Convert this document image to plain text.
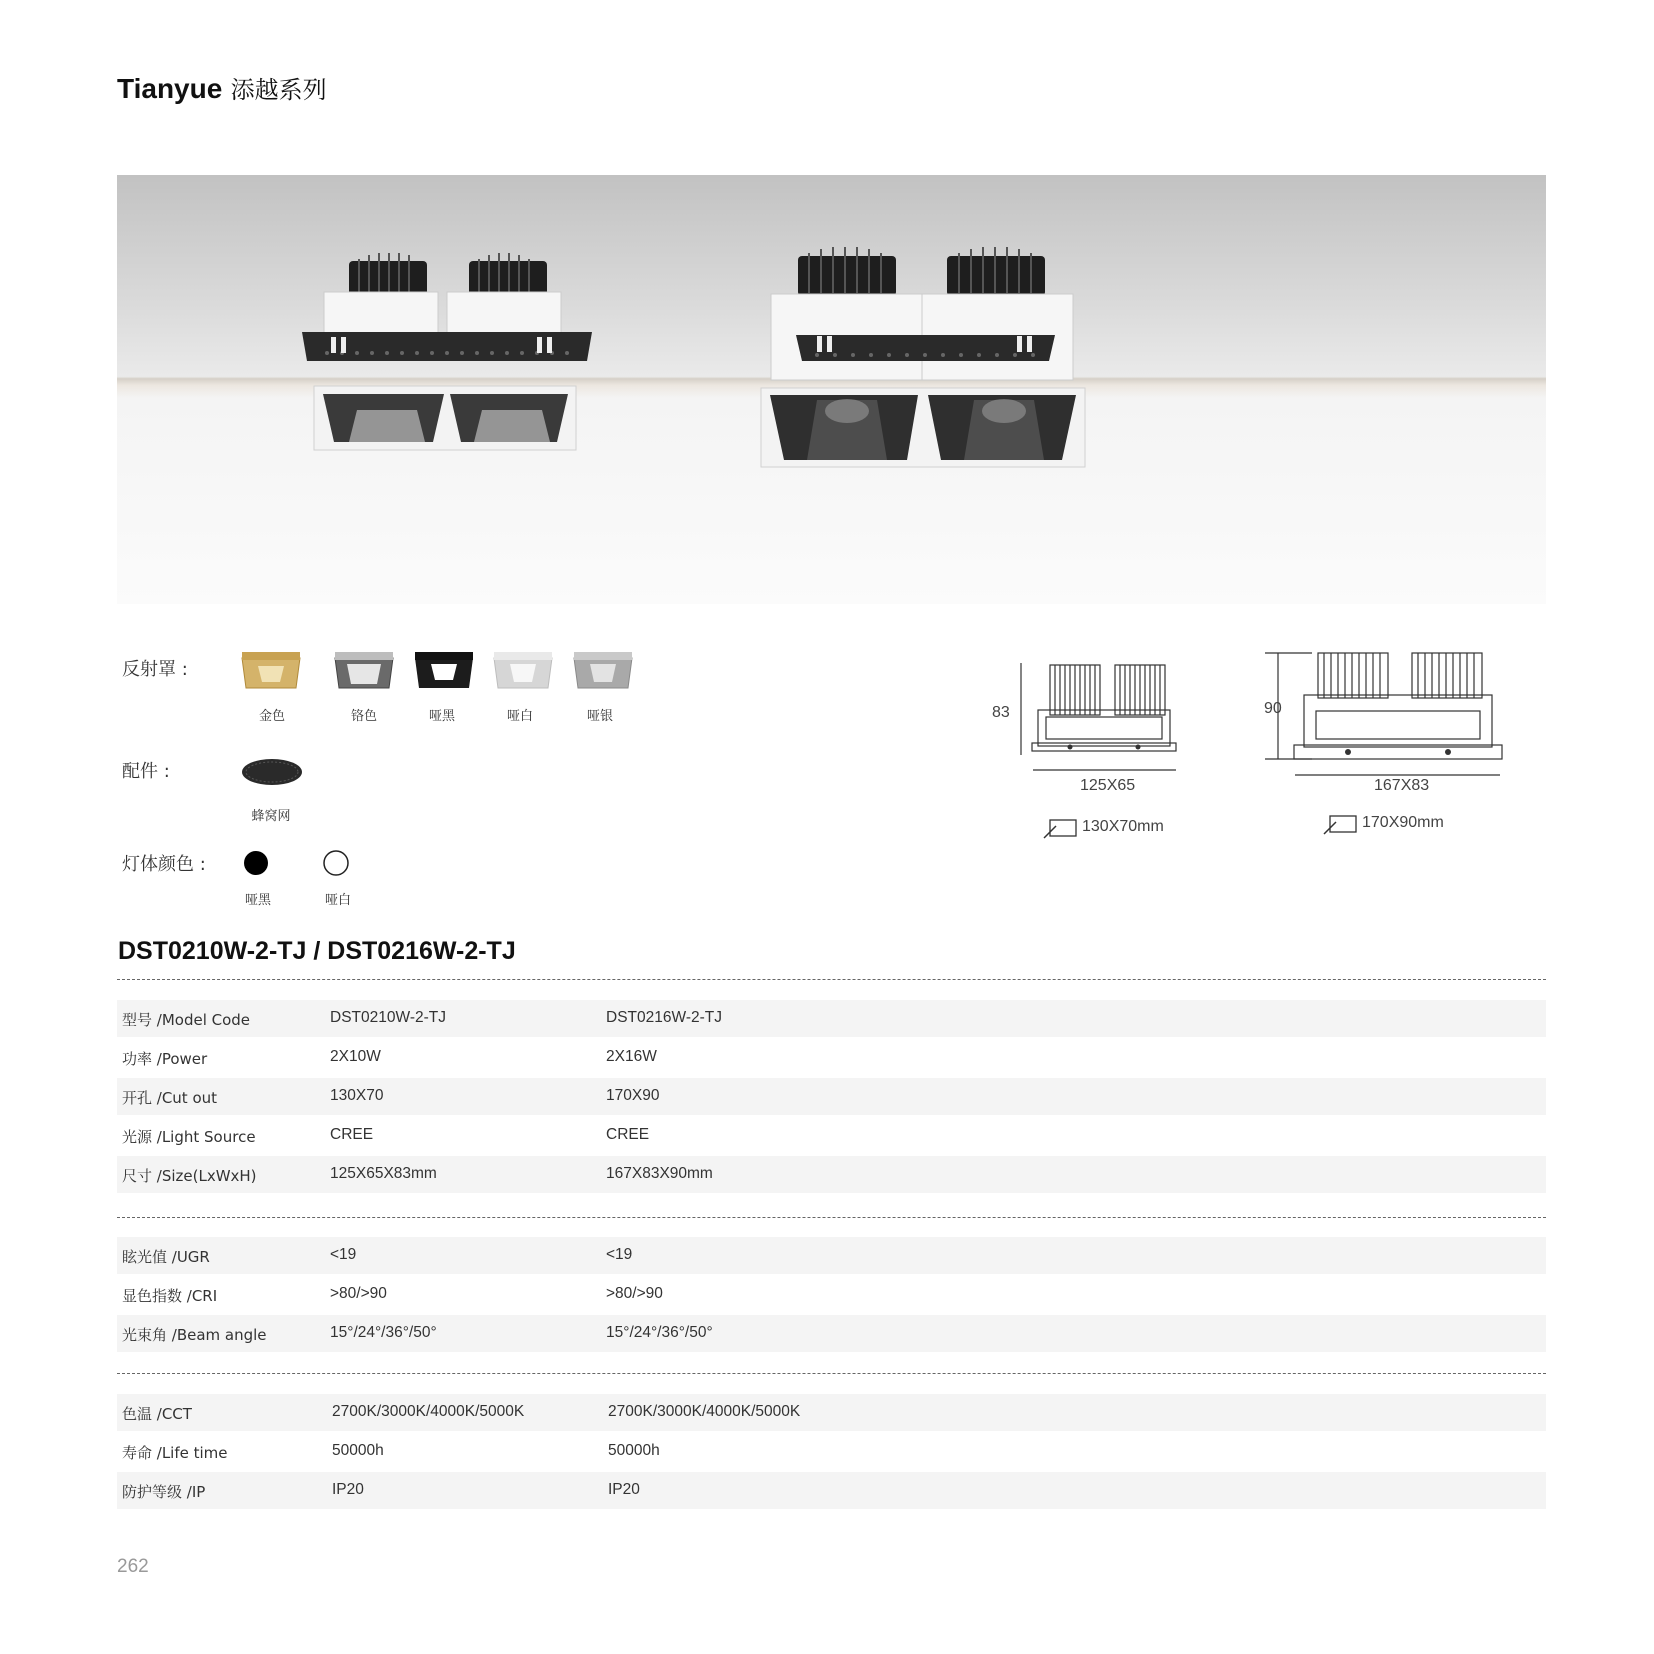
Tianyue 添越系列
反射罩 :
金色	铬色	哑黑	哑白	哑银
配件 :
蜂窝网
灯体颜色 :
哑黑	哑白
83
125X65
130X70mm
90
167X83
170X90mm
DST0210W-2-TJ / DST0216W-2-TJ
型号 /Model Code	DST0210W-2-TJ	DST0216W-2-TJ
功率 /Power	2X10W	2X16W
开孔 /Cut out	130X70	170X90
光源 /Light Source	CREE	CREE
尺寸 /Size(LxWxH)	125X65X83mm	167X83X90mm
眩光值 /UGR	<19	<19
显色指数 /CRI	>80/>90	>80/>90
光束角 /Beam angle	15°/24°/36°/50°	15°/24°/36°/50°
色温 /CCT	2700K/3000K/4000K/5000K	2700K/3000K/4000K/5000K
寿命 /Life time	50000h	50000h
防护等级 /IP	IP20	IP20
262
